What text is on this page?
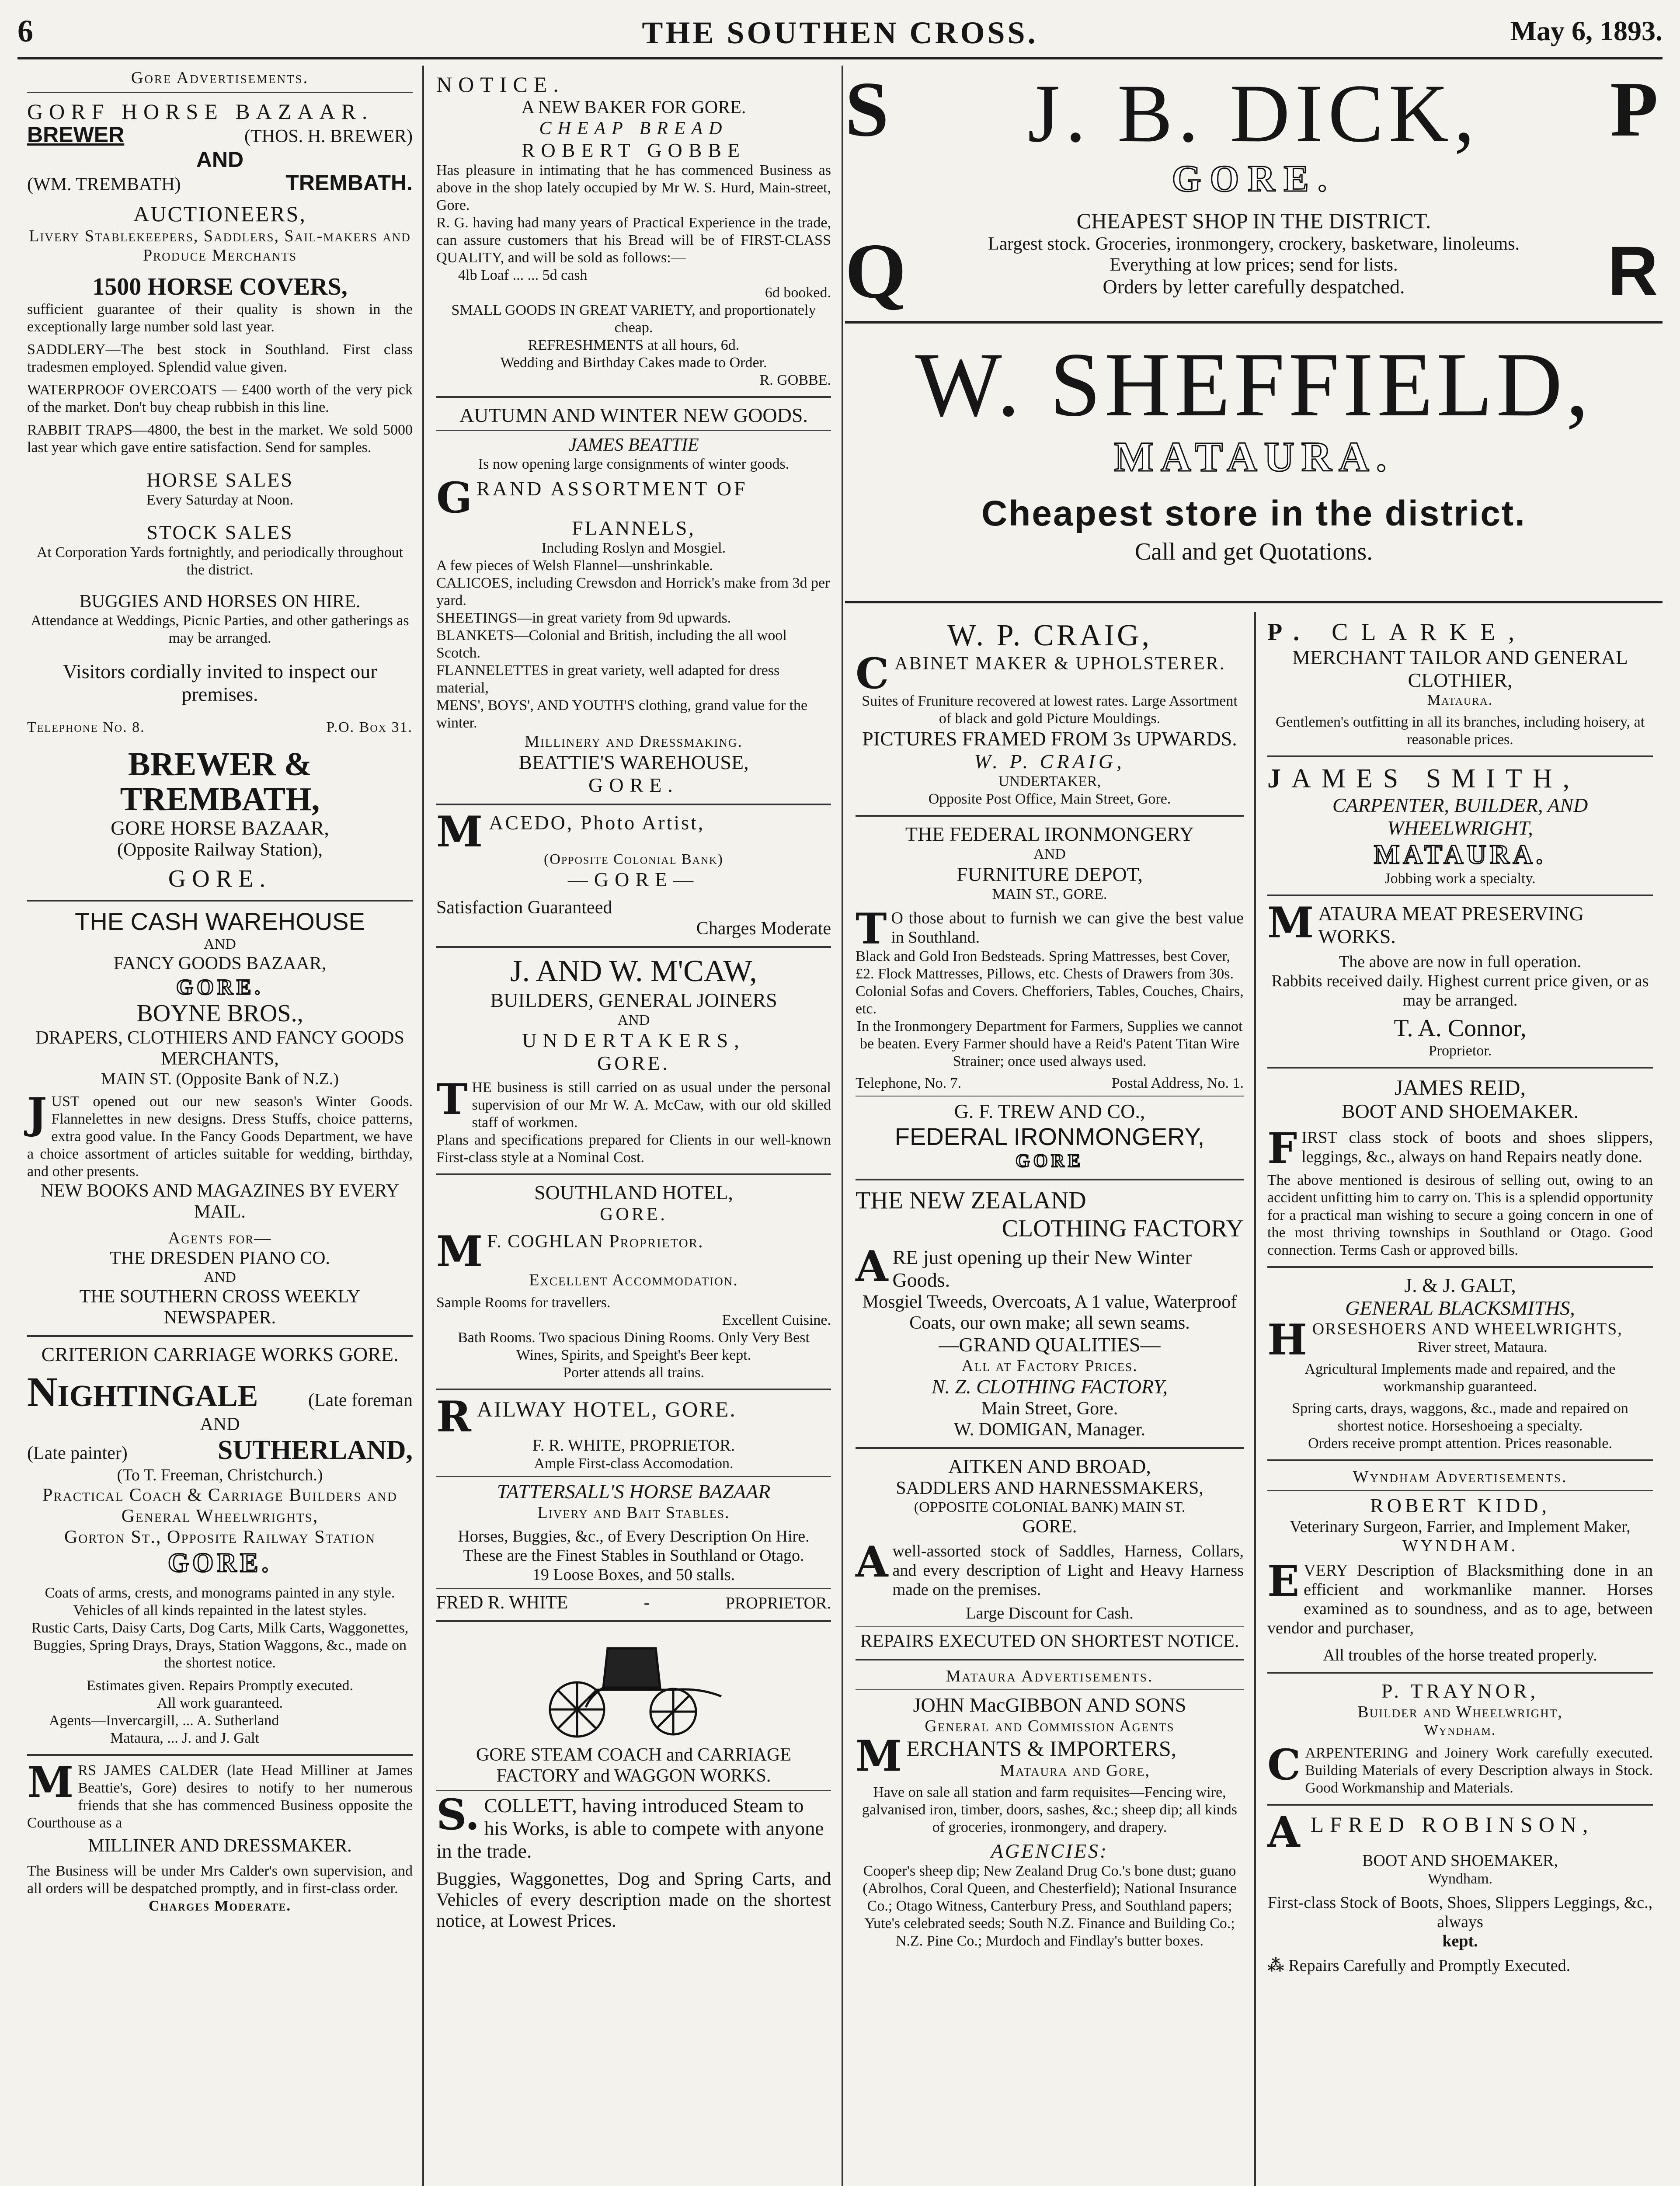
6	THE SOUTHEN CROSS.	May 6, 1893.

Gore Advertisements.

GORF HORSE BAZAAR.

BREWER	(THOS. H. BREWER)

AND

(WM. TREMBATH)	TREMBATH.

AUCTIONEERS,

Livery Stablekeepers, Saddlers, Sail-makers and Produce Merchants

1500 HORSE COVERS,

sufficient guarantee of their quality is shown in the exceptionally large number sold last year.

SADDLERY—The best stock in Southland. First class tradesmen employed. Splendid value given.

WATERPROOF OVERCOATS — £400 worth of the very pick of the market. Don't buy cheap rubbish in this line.

RABBIT TRAPS—4800, the best in the market. We sold 5000 last year which gave entire satisfaction. Send for samples.

HORSE SALES

Every Saturday at Noon.

STOCK SALES

At Corporation Yards fortnightly, and periodically throughout the district.

BUGGIES AND HORSES ON HIRE.

Attendance at Weddings, Picnic Parties, and other gatherings as may be arranged.

Visitors cordially invited to inspect our premises.

Telephone No. 8.	P.O. Box 31.

BREWER & TREMBATH,

GORE HORSE BAZAAR,

(Opposite Railway Station),

GORE.

THE CASH WAREHOUSE

AND

FANCY GOODS BAZAAR,

GORE.

BOYNE BROS.,

DRAPERS, CLOTHIERS AND FANCY GOODS MERCHANTS,

MAIN ST. (Opposite Bank of N.Z.)

JUST opened out our new season's Winter Goods. Flannelettes in new designs. Dress Stuffs, choice patterns, extra good value. In the Fancy Goods Department, we have a choice assortment of articles suitable for wedding, birthday, and other presents.

NEW BOOKS AND MAGAZINES BY EVERY MAIL.

Agents for—

THE DRESDEN PIANO CO.

AND

THE SOUTHERN CROSS WEEKLY NEWSPAPER.

CRITERION CARRIAGE WORKS GORE.

NIGHTINGALE	(Late foreman

AND

(Late painter)	SUTHERLAND,

(To T. Freeman, Christchurch.)

Practical Coach & Carriage Builders and General Wheelwrights,

Gorton St., Opposite Railway Station

GORE.

Coats of arms, crests, and monograms painted in any style.

Vehicles of all kinds repainted in the latest styles.

Rustic Carts, Daisy Carts, Dog Carts, Milk Carts, Waggonettes, Buggies, Spring Drays, Drays, Station Waggons, &c., made on the shortest notice.

Estimates given. Repairs Promptly executed.

All work guaranteed.

Agents—Invercargill, ... A. Sutherland

Mataura, ... J. and J. Galt

MRS JAMES CALDER (late Head Milliner at James Beattie's, Gore) desires to notify to her numerous friends that she has commenced Business opposite the Courthouse as a

MILLINER AND DRESSMAKER.

The Business will be under Mrs Calder's own supervision, and all orders will be despatched promptly, and in first-class order.

Charges Moderate.

NOTICE.

A NEW BAKER FOR GORE.

CHEAP BREAD

ROBERT GOBBE

Has pleasure in intimating that he has commenced Business as above in the shop lately occupied by Mr W. S. Hurd, Main-street, Gore.

R. G. having had many years of Practical Experience in the trade, can assure customers that his Bread will be of FIRST-CLASS QUALITY, and will be sold as follows:—

4lb Loaf ... ... 5d cash

6d booked.

SMALL GOODS IN GREAT VARIETY, and proportionately cheap.

REFRESHMENTS at all hours, 6d.

Wedding and Birthday Cakes made to Order.

R. GOBBE.

AUTUMN AND WINTER NEW GOODS.

JAMES BEATTIE

Is now opening large consignments of winter goods.

GRAND ASSORTMENT OF

FLANNELS,

Including Roslyn and Mosgiel.

A few pieces of Welsh Flannel—unshrinkable.

CALICOES, including Crewsdon and Horrick's make from 3d per yard.

SHEETINGS—in great variety from 9d upwards.

BLANKETS—Colonial and British, including the all wool Scotch.

FLANNELETTES in great variety, well adapted for dress material,

MENS', BOYS', AND YOUTH'S clothing, grand value for the winter.

Millinery and Dressmaking.

BEATTIE'S WAREHOUSE,

GORE.

MACEDO, Photo Artist,

(Opposite Colonial Bank)

—GORE—

Satisfaction Guaranteed

Charges Moderate

J. AND W. M'CAW,

BUILDERS, GENERAL JOINERS

AND

UNDERTAKERS,

GORE.

THE business is still carried on as usual under the personal supervision of our Mr W. A. McCaw, with our old skilled staff of workmen.

Plans and specifications prepared for Clients in our well-known First-class style at a Nominal Cost.

SOUTHLAND HOTEL,

GORE.

M F. COGHLAN Proprietor.

Excellent Accommodation.

Sample Rooms for travellers.

Excellent Cuisine.

Bath Rooms. Two spacious Dining Rooms. Only Very Best Wines, Spirits, and Speight's Beer kept.

Porter attends all trains.

RAILWAY HOTEL, GORE.

F. R. WHITE, PROPRIETOR.

Ample First-class Accomodation.

TATTERSALL'S HORSE BAZAAR

Livery and Bait Stables.

Horses, Buggies, &c., of Every Description On Hire. These are the Finest Stables in Southland or Otago.

19 Loose Boxes, and 50 stalls.

FRED R. WHITE	-	PROPRIETOR.

GORE STEAM COACH and CARRIAGE FACTORY and WAGGON WORKS.

S. COLLETT, having introduced Steam to his Works, is able to compete with anyone in the trade.

Buggies, Waggonettes, Dog and Spring Carts, and Vehicles of every description made on the shortest notice, at Lowest Prices.

S	P
Q	R

J. B. DICK,

GORE.

CHEAPEST SHOP IN THE DISTRICT.

Largest stock. Groceries, ironmongery, crockery, basketware, linoleums. Everything at low prices; send for lists.

Orders by letter carefully despatched.

W. SHEFFIELD,

MATAURA.

Cheapest store in the district.

Call and get Quotations.

W. P. CRAIG,

CABINET MAKER & UPHOLSTERER.

Suites of Fruniture recovered at lowest rates. Large Assortment of black and gold Picture Mouldings.

PICTURES FRAMED FROM 3s UPWARDS.

W. P. CRAIG,

UNDERTAKER,

Opposite Post Office, Main Street, Gore.

THE FEDERAL IRONMONGERY

AND

FURNITURE DEPOT,

MAIN ST., GORE.

T O those about to furnish we can give the best value in Southland.

Black and Gold Iron Bedsteads. Spring Mattresses, best Cover, £2. Flock Mattresses, Pillows, etc. Chests of Drawers from 30s. Colonial Sofas and Covers. Chefforiers, Tables, Couches, Chairs, etc.

In the Ironmongery Department for Farmers, Supplies we cannot be beaten. Every Farmer should have a Reid's Patent Titan Wire Strainer; once used always used.

Telephone, No. 7.	Postal Address, No. 1.

G. F. TREW AND CO.,

FEDERAL IRONMONGERY,

GORE

THE NEW ZEALAND

CLOTHING FACTORY

ARE just opening up their New Winter Goods.

Mosgiel Tweeds, Overcoats, A 1 value, Waterproof Coats, our own make; all sewn seams.

—GRAND QUALITIES—

All at Factory Prices.

N. Z. CLOTHING FACTORY,

Main Street, Gore.

W. DOMIGAN, Manager.

AITKEN AND BROAD,

SADDLERS AND HARNESSMAKERS,

(OPPOSITE COLONIAL BANK) MAIN ST.

GORE.

Awell-assorted stock of Saddles, Harness, Collars, and every description of Light and Heavy Harness made on the premises.

Large Discount for Cash.

REPAIRS EXECUTED ON SHORTEST NOTICE.

Mataura Advertisements.

JOHN MacGIBBON AND SONS

General and Commission Agents

MERCHANTS & IMPORTERS,

Mataura and Gore,

Have on sale all station and farm requisites—Fencing wire, galvanised iron, timber, doors, sashes, &c.; sheep dip; all kinds of groceries, ironmongery, and drapery.

AGENCIES:

Cooper's sheep dip; New Zealand Drug Co.'s bone dust; guano (Abrolhos, Coral Queen, and Chesterfield); National Insurance Co.; Otago Witness, Canterbury Press, and Southland papers; Yute's celebrated seeds; South N.Z. Finance and Building Co.; N.Z. Pine Co.; Murdoch and Findlay's butter boxes.

P. CLARKE,

MERCHANT TAILOR AND GENERAL CLOTHIER,

Mataura.

Gentlemen's outfitting in all its branches, including hoisery, at reasonable prices.

JAMES SMITH,

CARPENTER, BUILDER, AND WHEELWRIGHT,

MATAURA.

Jobbing work a specialty.

MATAURA MEAT PRESERVING WORKS.

The above are now in full operation.

Rabbits received daily. Highest current price given, or as may be arranged.

T. A. Connor,

Proprietor.

JAMES REID,

BOOT AND SHOEMAKER.

FIRST class stock of boots and shoes slippers, leggings, &c., always on hand Repairs neatly done.

The above mentioned is desirous of selling out, owing to an accident unfitting him to carry on. This is a splendid opportunity for a practical man wishing to secure a going concern in one of the most thriving townships in Southland or Otago. Good connection. Terms Cash or approved bills.

J. & J. GALT,

GENERAL BLACKSMITHS,

HORSESHOERS AND WHEELWRIGHTS,

River street, Mataura.

Agricultural Implements made and repaired, and the workmanship guaranteed.

Spring carts, drays, waggons, &c., made and repaired on shortest notice. Horseshoeing a specialty.

Orders receive prompt attention. Prices reasonable.

Wyndham Advertisements.

ROBERT KIDD,

Veterinary Surgeon, Farrier, and Implement Maker,

WYNDHAM.

EVERY Description of Blacksmithing done in an efficient and workmanlike manner. Horses examined as to soundness, and as to age, between vendor and purchaser,

All troubles of the horse treated properly.

P. TRAYNOR,

Builder and Wheelwright,

Wyndham.

CARPENTERING and Joinery Work carefully executed. Building Materials of every Description always in Stock. Good Workmanship and Materials.

ALFRED ROBINSON,

BOOT AND SHOEMAKER,

Wyndham.

First-class Stock of Boots, Shoes, Slippers Leggings, &c., always

kept.

⁂ Repairs Carefully and Promptly Executed.
